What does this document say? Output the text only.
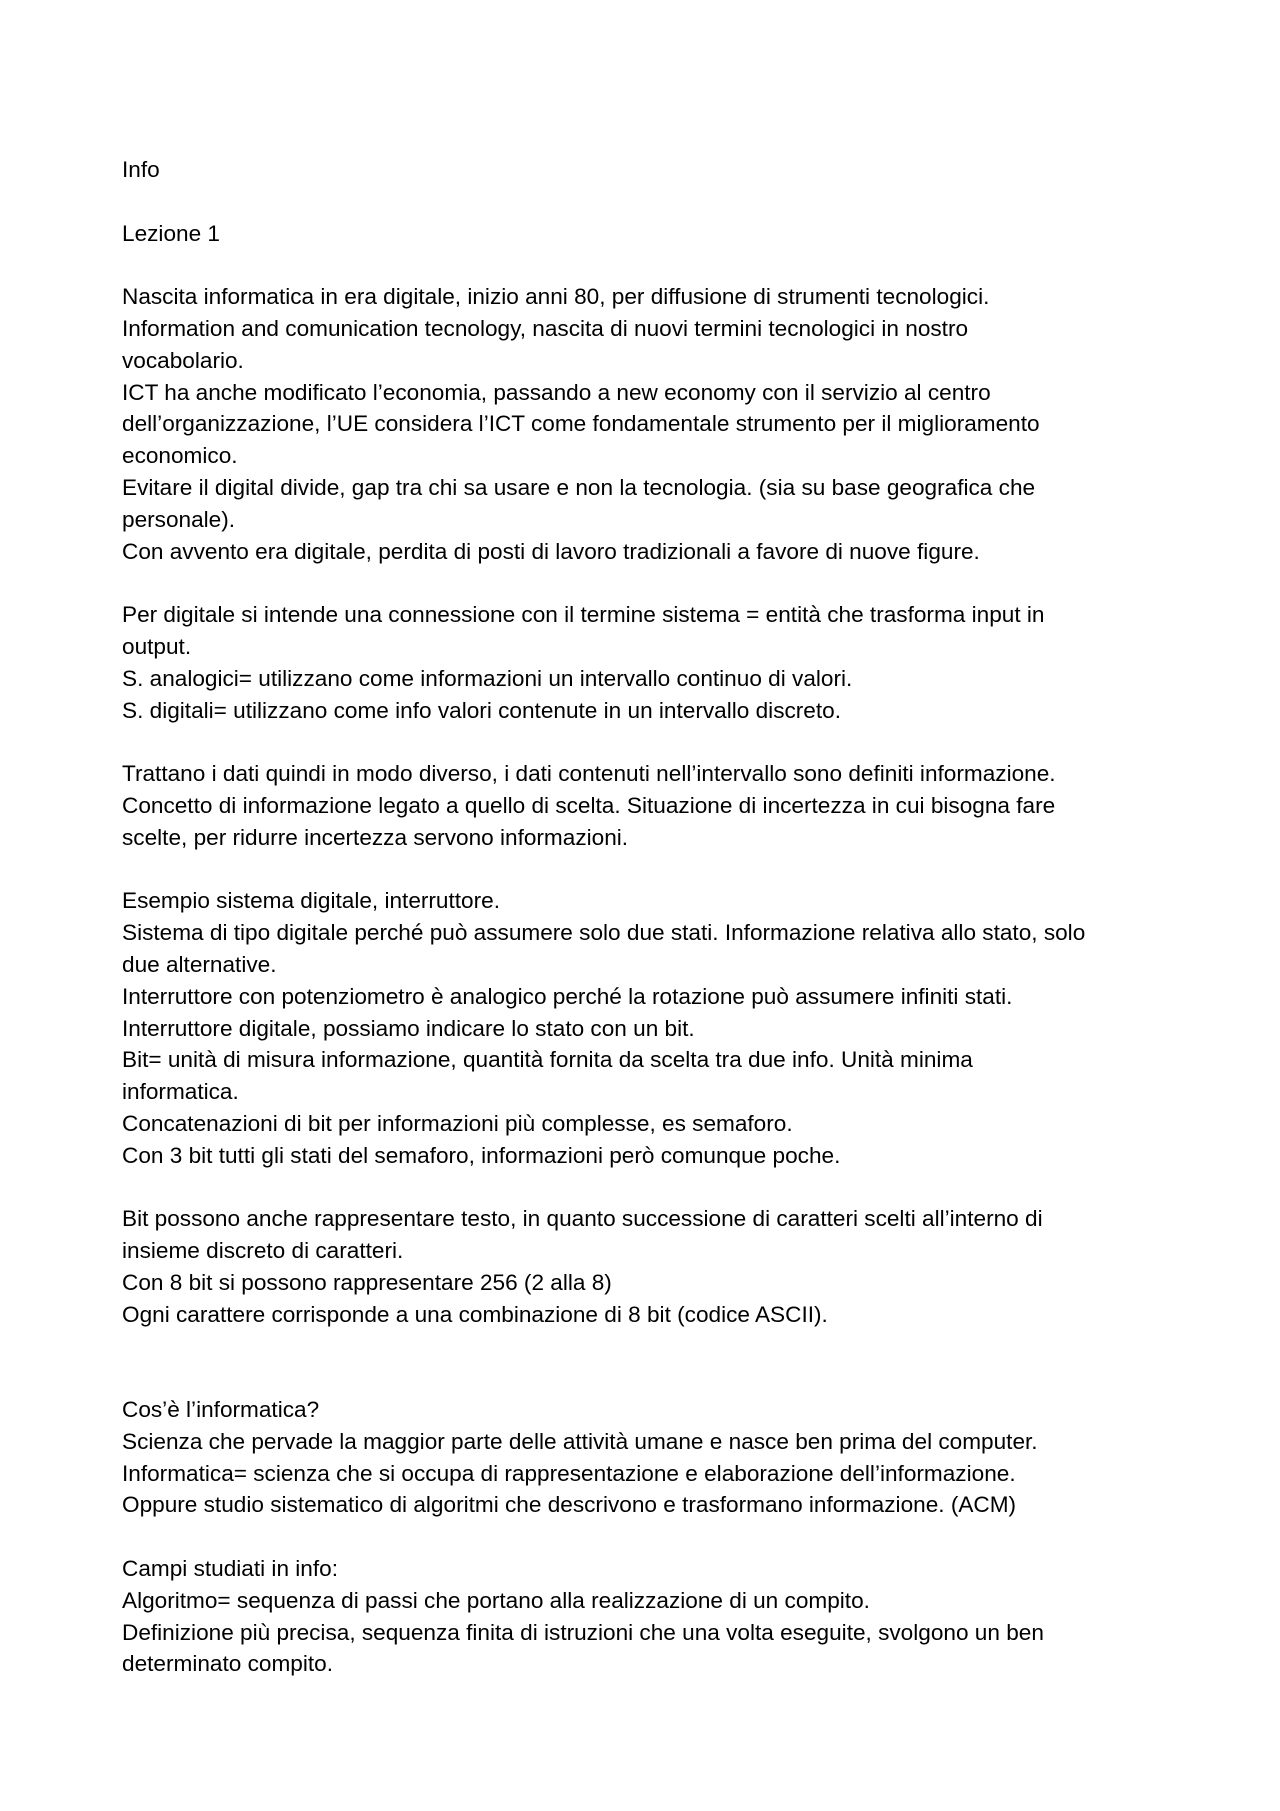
Info
Lezione 1
Nascita informatica in era digitale, inizio anni 80, per diffusione di strumenti tecnologici.
Information and comunication tecnology, nascita di nuovi termini tecnologici in nostro
vocabolario.
ICT ha anche modificato l’economia, passando a new economy con il servizio al centro
dell’organizzazione, l’UE considera l’ICT come fondamentale strumento per il miglioramento
economico.
Evitare il digital divide, gap tra chi sa usare e non la tecnologia. (sia su base geografica che
personale).
Con avvento era digitale, perdita di posti di lavoro tradizionali a favore di nuove figure.
Per digitale si intende una connessione con il termine sistema = entità che trasforma input in
output.
S. analogici= utilizzano come informazioni un intervallo continuo di valori.
S. digitali= utilizzano come info valori contenute in un intervallo discreto.
Trattano i dati quindi in modo diverso, i dati contenuti nell’intervallo sono definiti informazione.
Concetto di informazione legato a quello di scelta. Situazione di incertezza in cui bisogna fare
scelte, per ridurre incertezza servono informazioni.
Esempio sistema digitale, interruttore.
Sistema di tipo digitale perché può assumere solo due stati. Informazione relativa allo stato, solo
due alternative.
Interruttore con potenziometro è analogico perché la rotazione può assumere infiniti stati.
Interruttore digitale, possiamo indicare lo stato con un bit.
Bit= unità di misura informazione, quantità fornita da scelta tra due info. Unità minima
informatica.
Concatenazioni di bit per informazioni più complesse, es semaforo.
Con 3 bit tutti gli stati del semaforo, informazioni però comunque poche.
Bit possono anche rappresentare testo, in quanto successione di caratteri scelti all’interno di
insieme discreto di caratteri.
Con 8 bit si possono rappresentare 256 (2 alla 8)
Ogni carattere corrisponde a una combinazione di 8 bit (codice ASCII).
Cos’è l’informatica?
Scienza che pervade la maggior parte delle attività umane e nasce ben prima del computer.
Informatica= scienza che si occupa di rappresentazione e elaborazione dell’informazione.
Oppure studio sistematico di algoritmi che descrivono e trasformano informazione. (ACM)
Campi studiati in info:
Algoritmo= sequenza di passi che portano alla realizzazione di un compito.
Definizione più precisa, sequenza finita di istruzioni che una volta eseguite, svolgono un ben
determinato compito.
